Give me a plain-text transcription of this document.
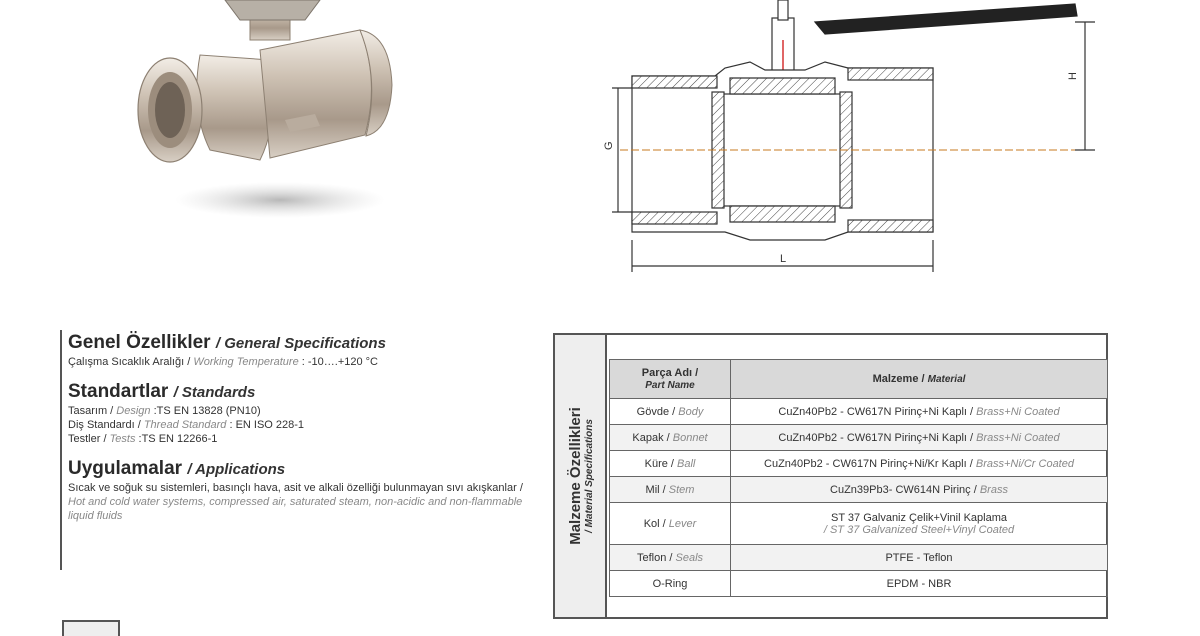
H
G
L

Genel Özellikler / General Specifications

Çalışma Sıcaklık Aralığı / Working Temperature : -10….+120 °C

Standartlar / Standards

Tasarım / Design :TS EN 13828 (PN10)
Diş Standardı / Thread Standard : EN ISO 228-1
Testler / Tests :TS EN 12266-1

Uygulamalar / Applications

Sıcak ve soğuk su sistemleri, basınçlı hava, asit ve alkali özelliği bulunmayan sıvı akışkanlar / Hot and cold water systems, compressed air, saturated steam, non-acidic and non-flammable liquid fluids	Malzeme Özellikleri / Material Specifications
Parça Adı /
Part Name	Malzeme / Material
Gövde / Body	CuZn40Pb2 - CW617N Pirinç+Ni Kaplı / Brass+Ni Coated
Kapak / Bonnet	CuZn40Pb2 - CW617N Pirinç+Ni Kaplı / Brass+Ni Coated
Küre / Ball	CuZn40Pb2 - CW617N Pirinç+Ni/Kr Kaplı / Brass+Ni/Cr Coated
Mil / Stem	CuZn39Pb3- CW614N Pirinç / Brass
Kol / Lever	ST 37 Galvaniz Çelik+Vinil Kaplama
/ ST 37 Galvanized Steel+Vinyl Coated
Teflon / Seals	PTFE - Teflon
O-Ring	EPDM - NBR
